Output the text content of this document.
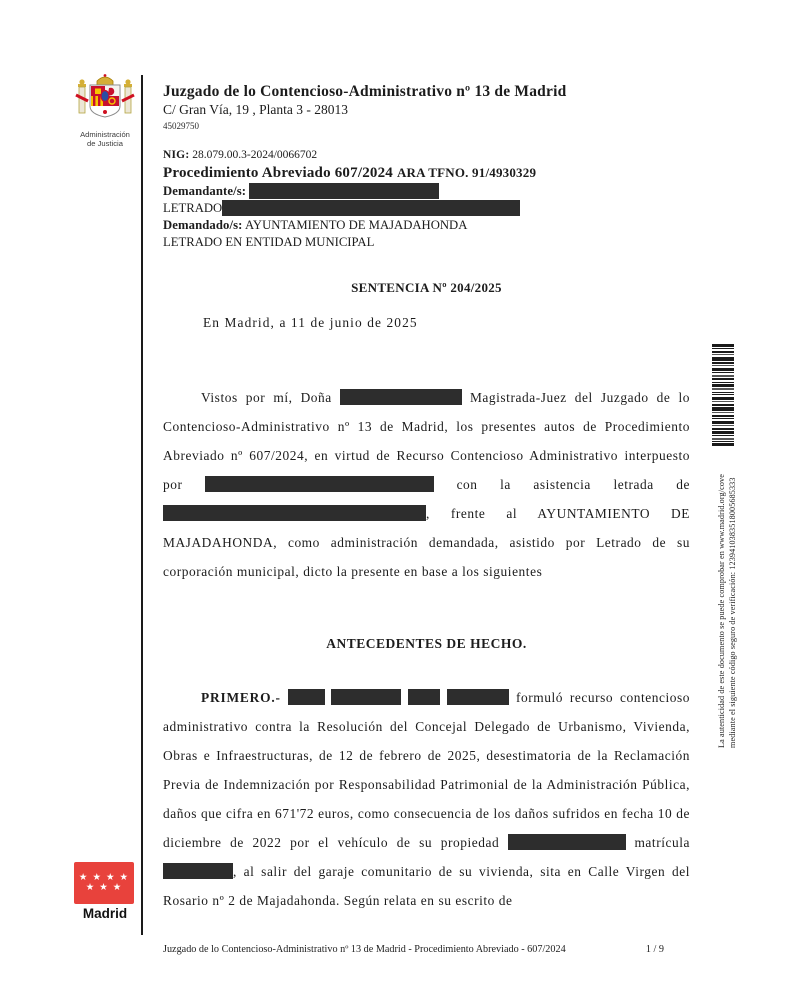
Administración
de Justicia
★ ★ ★ ★
★ ★ ★
Madrid
La autenticidad de este documento se puede comprobar en www.madrid.org/cove mediante el siguiente código seguro de verificación: 1239410383518005685333
Juzgado de lo Contencioso-Administrativo nº 13 de Madrid
C/ Gran Vía, 19 , Planta 3 - 28013
45029750
NIG: 28.079.00.3-2024/0066702
Procedimiento Abreviado 607/2024 ARA TFNO. 91/4930329
Demandante/s:
LETRADO
Demandado/s: AYUNTAMIENTO DE MAJADAHONDA
LETRADO EN ENTIDAD MUNICIPAL
SENTENCIA Nº 204/2025
En Madrid, a 11 de junio de 2025
Vistos por mí, Doña	Magistrada-Juez del Juzgado de lo Contencioso-Administrativo nº 13 de Madrid, los presentes autos de Procedimiento Abreviado nº 607/2024, en virtud de Recurso Contencioso Administrativo interpuesto por	con la asistencia letrada de , frente al AYUNTAMIENTO DE MAJADAHONDA, como administración demandada, asistido por Letrado de su corporación municipal, dicto la presente en base a los siguientes
ANTECEDENTES DE HECHO.
PRIMERO.-	formuló recurso contencioso administrativo contra la Resolución del Concejal Delegado de Urbanismo, Vivienda, Obras e Infraestructuras, de 12 de febrero de 2025, desestimatoria de la Reclamación Previa de Indemnización por Responsabilidad Patrimonial de la Administración Pública, daños que cifra en 671'72 euros, como consecuencia de los daños sufridos en fecha 10 de diciembre de 2022 por el vehículo de su propiedad	matrícula , al salir del garaje comunitario de su vivienda, sita en Calle Virgen del Rosario nº 2 de Majadahonda. Según relata en su escrito de
Juzgado de lo Contencioso-Administrativo nº 13 de Madrid - Procedimiento Abreviado - 607/2024	1 / 9
